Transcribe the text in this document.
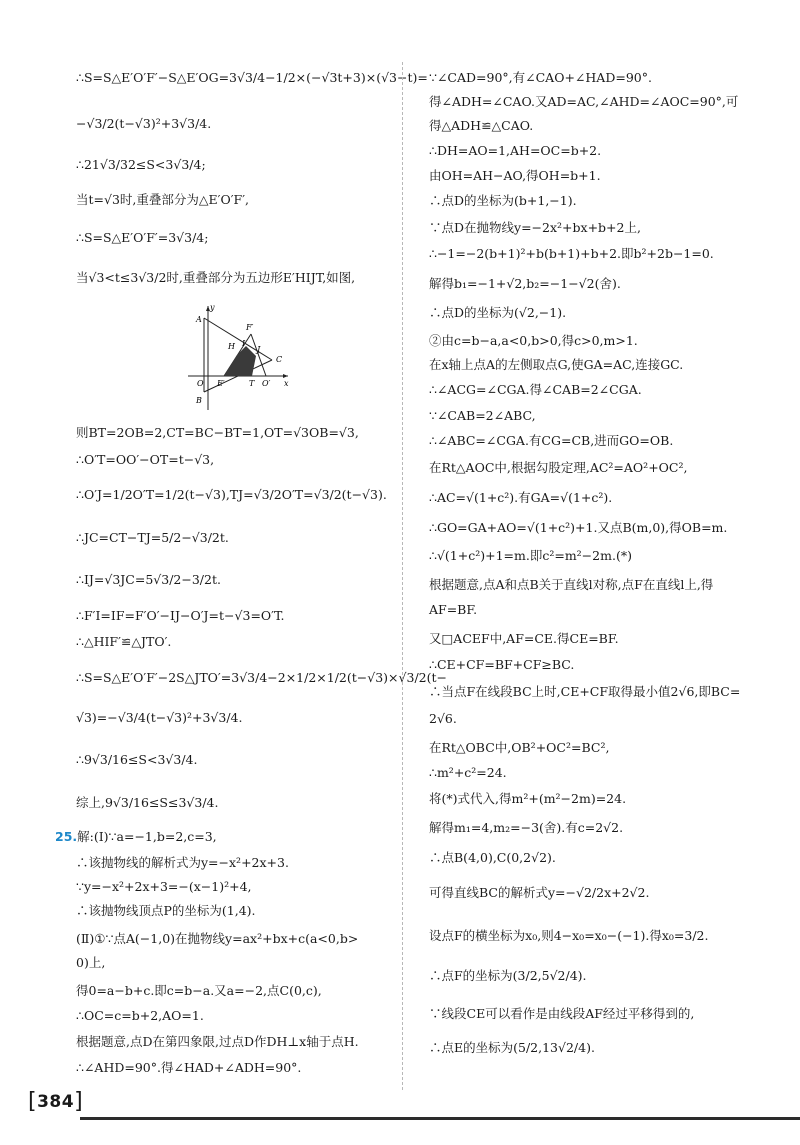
∴S=S△E′O′F′−S△E′OG=3√3/4−1/2×(−√3t+3)×(√3−t)=
−√3/2(t−√3)²+3√3/4.
∴21√3/32≤S<3√3/4;
当t=√3时,重叠部分为△E′O′F′,
∴S=S△E′O′F′=3√3/4;
当√3<t≤3√3/2时,重叠部分为五边形E′HIJT,如图,
y
A
F′
H I
J
C
O E′	T O′ x
B
则BT=2OB=2,CT=BC−BT=1,OT=√3OB=√3,
∴O′T=OO′−OT=t−√3,
∴O′J=1/2O′T=1/2(t−√3),TJ=√3/2O′T=√3/2(t−√3).
∴JC=CT−TJ=5/2−√3/2t.
∴IJ=√3JC=5√3/2−3/2t.
∴F′I=IF=F′O′−IJ−O′J=t−√3=O′T.
∴△HIF′≌△JTO′.
∴S=S△E′O′F′−2S△JTO′=3√3/4−2×1/2×1/2(t−√3)×√3/2(t−
√3)=−√3/4(t−√3)²+3√3/4.
∴9√3/16≤S<3√3/4.
综上,9√3/16≤S≤3√3/4.
25.解:(Ⅰ)∵a=−1,b=2,c=3,
∴该抛物线的解析式为y=−x²+2x+3.
∵y=−x²+2x+3=−(x−1)²+4,
∴该抛物线顶点P的坐标为(1,4).
(Ⅱ)①∵点A(−1,0)在抛物线y=ax²+bx+c(a<0,b>
0)上,
得0=a−b+c.即c=b−a.又a=−2,点C(0,c),
∴OC=c=b+2,AO=1.
根据题意,点D在第四象限,过点D作DH⊥x轴于点H.
∴∠AHD=90°.得∠HAD+∠ADH=90°.
∵∠CAD=90°,有∠CAO+∠HAD=90°.
得∠ADH=∠CAO.又AD=AC,∠AHD=∠AOC=90°,可
得△ADH≌△CAO.
∴DH=AO=1,AH=OC=b+2.
由OH=AH−AO,得OH=b+1.
∴点D的坐标为(b+1,−1).
∵点D在抛物线y=−2x²+bx+b+2上,
∴−1=−2(b+1)²+b(b+1)+b+2.即b²+2b−1=0.
解得b₁=−1+√2,b₂=−1−√2(舍).
∴点D的坐标为(√2,−1).
②由c=b−a,a<0,b>0,得c>0,m>1.
在x轴上点A的左侧取点G,使GA=AC,连接GC.
∴∠ACG=∠CGA.得∠CAB=2∠CGA.
∵∠CAB=2∠ABC,
∴∠ABC=∠CGA.有CG=CB,进而GO=OB.
在Rt△AOC中,根据勾股定理,AC²=AO²+OC²,
∴AC=√(1+c²).有GA=√(1+c²).
∴GO=GA+AO=√(1+c²)+1.又点B(m,0),得OB=m.
∴√(1+c²)+1=m.即c²=m²−2m.(*)
根据题意,点A和点B关于直线l对称,点F在直线l上,得
AF=BF.
又□ACEF中,AF=CE.得CE=BF.
∴CE+CF=BF+CF≥BC.
∴当点F在线段BC上时,CE+CF取得最小值2√6,即BC=
2√6.
在Rt△OBC中,OB²+OC²=BC²,
∴m²+c²=24.
将(*)式代入,得m²+(m²−2m)=24.
解得m₁=4,m₂=−3(舍).有c=2√2.
∴点B(4,0),C(0,2√2).
可得直线BC的解析式y=−√2/2x+2√2.
设点F的横坐标为x₀,则4−x₀=x₀−(−1).得x₀=3/2.
∴点F的坐标为(3/2,5√2/4).
∵线段CE可以看作是由线段AF经过平移得到的,
∴点E的坐标为(5/2,13√2/4).
[384]
